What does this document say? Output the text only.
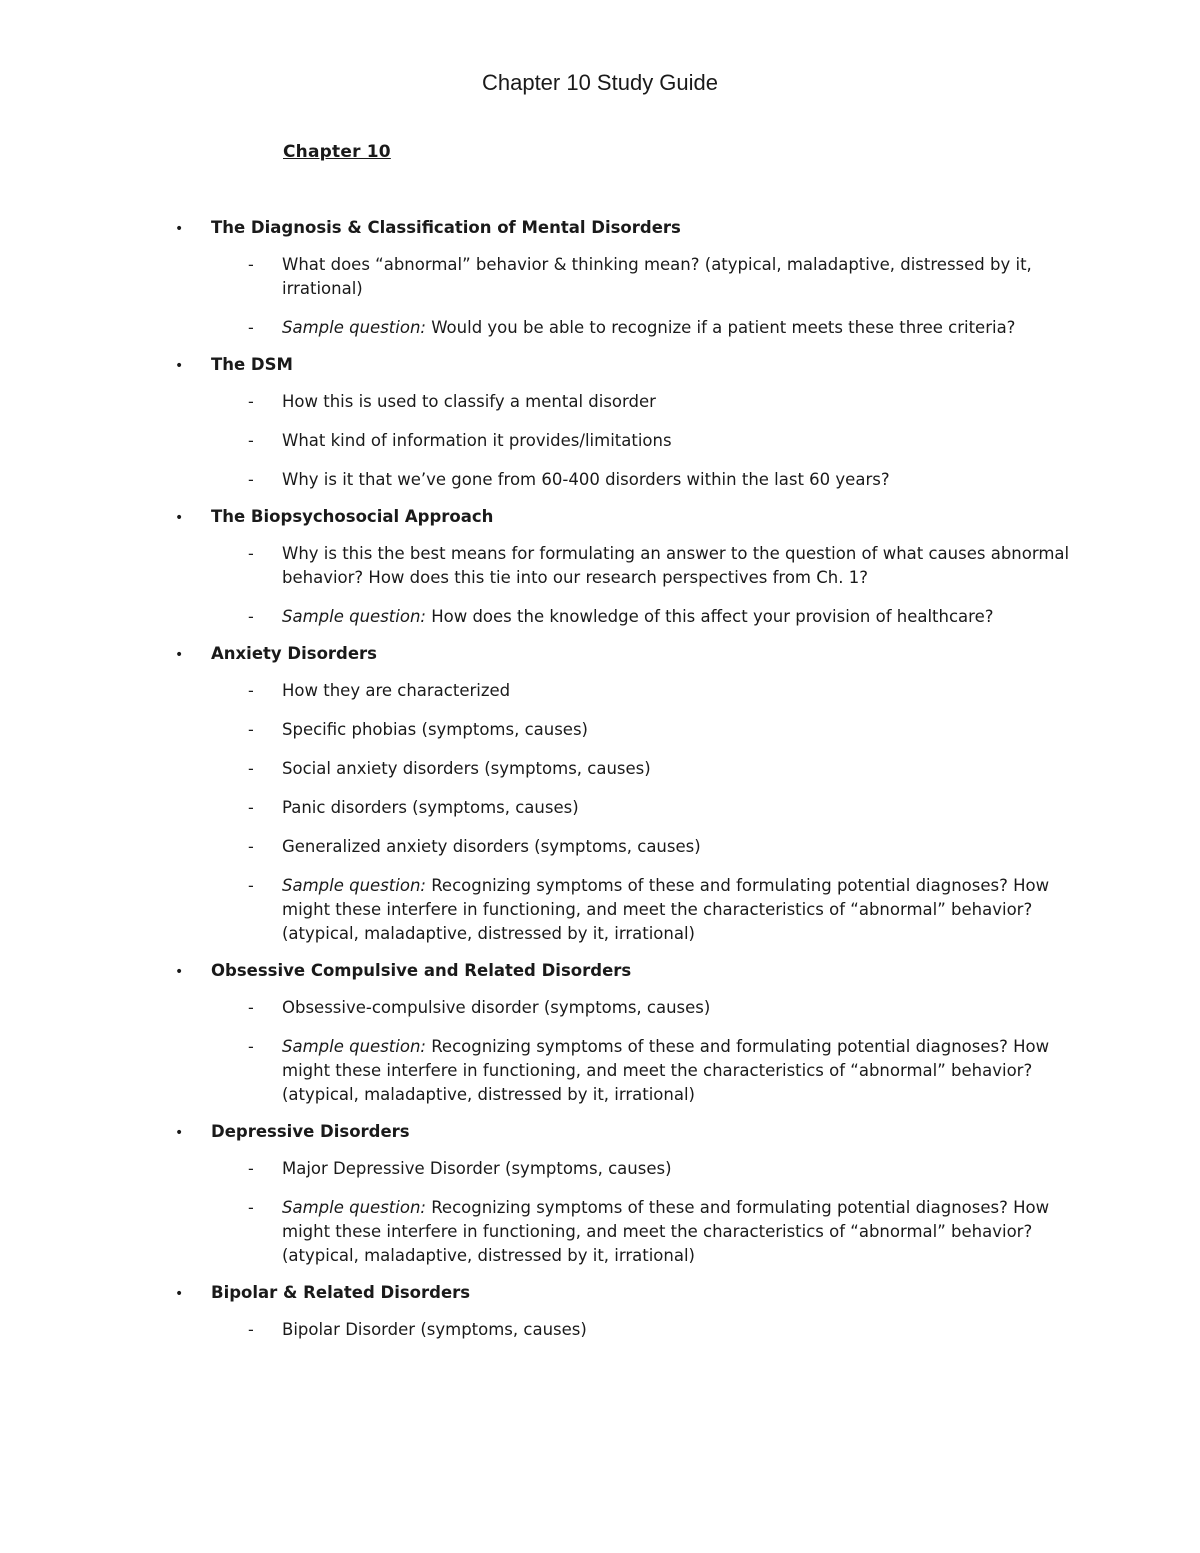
Chapter 10 Study Guide
Chapter 10
• The Diagnosis & Classification of Mental Disorders
- What does “abnormal” behavior & thinking mean? (atypical, maladaptive, distressed by it, irrational)
- Sample question: Would you be able to recognize if a patient meets these three criteria?
• The DSM
- How this is used to classify a mental disorder
- What kind of information it provides/limitations
- Why is it that we’ve gone from 60-400 disorders within the last 60 years?
• The Biopsychosocial Approach
- Why is this the best means for formulating an answer to the question of what causes abnormal behavior? How does this tie into our research perspectives from Ch. 1?
- Sample question: How does the knowledge of this affect your provision of healthcare?
• Anxiety Disorders
- How they are characterized
- Specific phobias (symptoms, causes)
- Social anxiety disorders (symptoms, causes)
- Panic disorders (symptoms, causes)
- Generalized anxiety disorders (symptoms, causes)
- Sample question: Recognizing symptoms of these and formulating potential diagnoses? How might these interfere in functioning, and meet the characteristics of “abnormal” behavior? (atypical, maladaptive, distressed by it, irrational)
• Obsessive Compulsive and Related Disorders
- Obsessive-compulsive disorder (symptoms, causes)
- Sample question: Recognizing symptoms of these and formulating potential diagnoses? How might these interfere in functioning, and meet the characteristics of “abnormal” behavior? (atypical, maladaptive, distressed by it, irrational)
• Depressive Disorders
- Major Depressive Disorder (symptoms, causes)
- Sample question: Recognizing symptoms of these and formulating potential diagnoses? How might these interfere in functioning, and meet the characteristics of “abnormal” behavior? (atypical, maladaptive, distressed by it, irrational)
• Bipolar & Related Disorders
- Bipolar Disorder (symptoms, causes)
